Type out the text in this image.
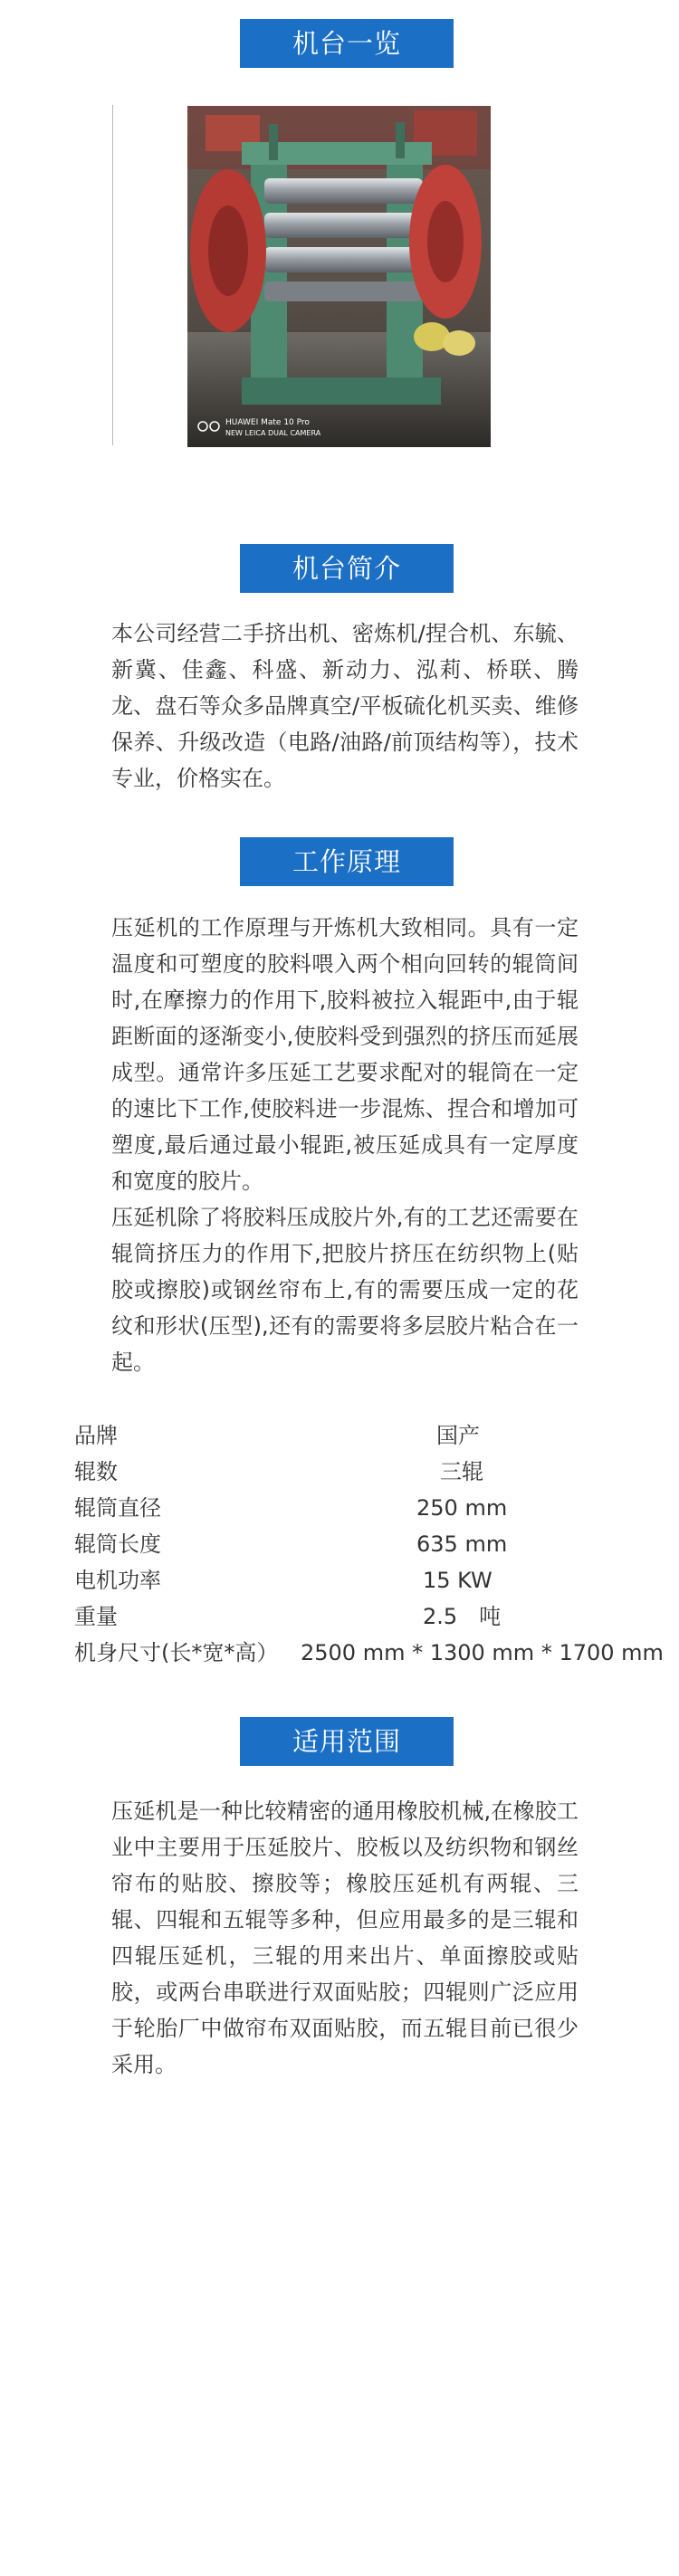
机台一览
HUAWEI Mate 10 Pro
NEW LEICA DUAL CAMERA
机台简介

本公司经营二手挤出机、密炼机/捏合机、东毓、新冀、佳鑫、科盛、新动力、泓莉、桥联、腾龙、盘石等众多品牌真空/平板硫化机买卖、维修保养、升级改造（电路/油路/前顶结构等），技术专业，价格实在。

工作原理

压延机的工作原理与开炼机大致相同。具有一定温度和可塑度的胶料喂入两个相向回转的辊筒间时,在摩擦力的作用下,胶料被拉入辊距中,由于辊距断面的逐渐变小,使胶料受到强烈的挤压而延展成型。通常许多压延工艺要求配对的辊筒在一定的速比下工作,使胶料进一步混炼、捏合和增加可塑度,最后通过最小辊距,被压延成具有一定厚度和宽度的胶片。

压延机除了将胶料压成胶片外,有的工艺还需要在辊筒挤压力的作用下,把胶片挤压在纺织物上(贴胶或擦胶)或钢丝帘布上,有的需要压成一定的花纹和形状(压型),还有的需要将多层胶片粘合在一起。

品牌	国产
辊数	三辊
辊筒直径	250 mm
辊筒长度	635 mm
电机功率	15 KW
重量	2.5　吨
机身尺寸(长*宽*高） 2500 mm * 1300 mm * 1700 mm
适用范围

压延机是一种比较精密的通用橡胶机械,在橡胶工业中主要用于压延胶片、胶板以及纺织物和钢丝帘布的贴胶、擦胶等；橡胶压延机有两辊、三辊、四辊和五辊等多种，但应用最多的是三辊和四辊压延机，三辊的用来出片、单面擦胶或贴胶，或两台串联进行双面贴胶；四辊则广泛应用于轮胎厂中做帘布双面贴胶，而五辊目前已很少采用。
